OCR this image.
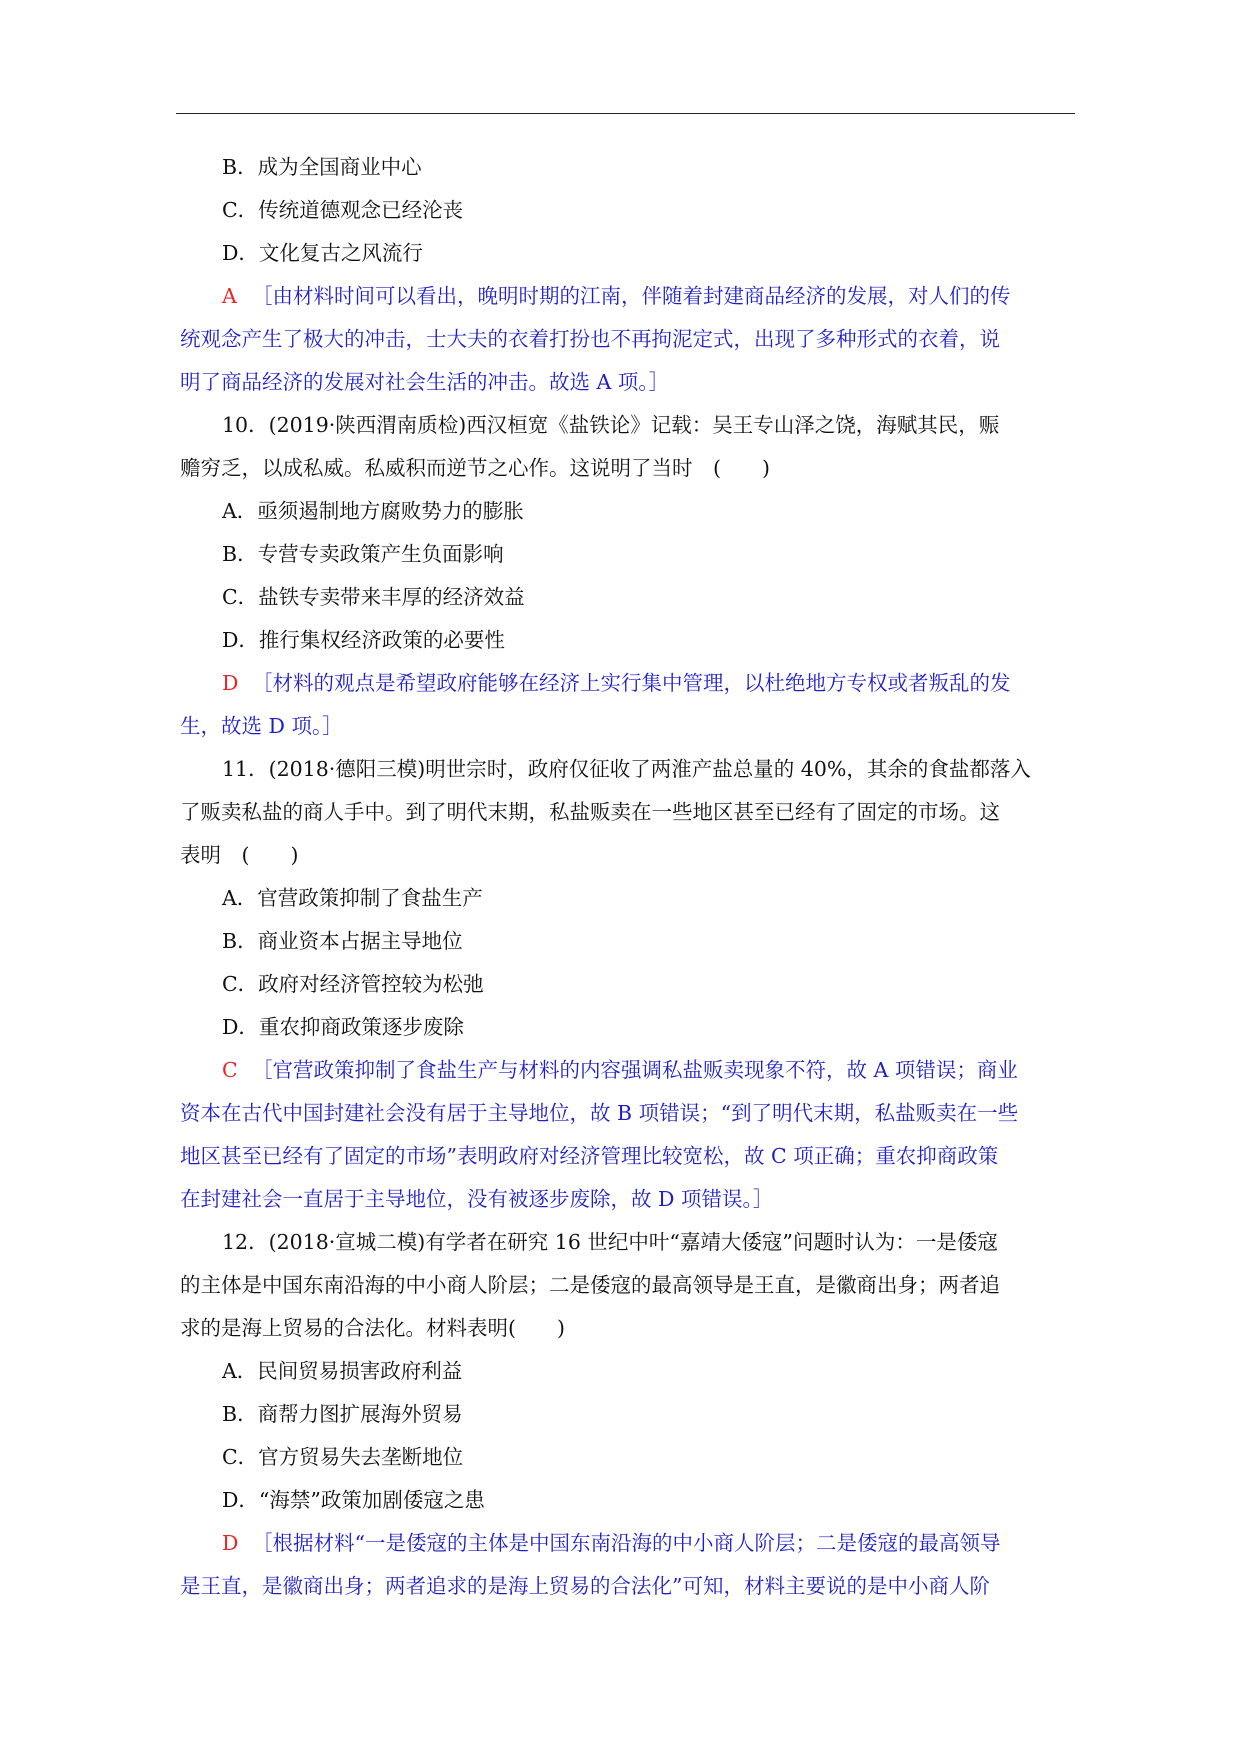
B．成为全国商业中心
C．传统道德观念已经沦丧
D．文化复古之风流行
A ［由材料时间可以看出，晚明时期的江南，伴随着封建商品经济的发展，对人们的传
统观念产生了极大的冲击，士大夫的衣着打扮也不再拘泥定式，出现了多种形式的衣着，说
明了商品经济的发展对社会生活的冲击。故选 A 项。］
10．(2019·陕西渭南质检)西汉桓宽《盐铁论》记载：吴王专山泽之饶，海赋其民，赈
赡穷乏，以成私威。私威积而逆节之心作。这说明了当时　(　　)
A．亟须遏制地方腐败势力的膨胀
B．专营专卖政策产生负面影响
C．盐铁专卖带来丰厚的经济效益
D．推行集权经济政策的必要性
D ［材料的观点是希望政府能够在经济上实行集中管理，以杜绝地方专权或者叛乱的发
生，故选 D 项。］
11．(2018·德阳三模)明世宗时，政府仅征收了两淮产盐总量的 40%，其余的食盐都落入
了贩卖私盐的商人手中。到了明代末期，私盐贩卖在一些地区甚至已经有了固定的市场。这
表明　(　　)
A．官营政策抑制了食盐生产
B．商业资本占据主导地位
C．政府对经济管控较为松弛
D．重农抑商政策逐步废除
C ［官营政策抑制了食盐生产与材料的内容强调私盐贩卖现象不符，故 A 项错误；商业
资本在古代中国封建社会没有居于主导地位，故 B 项错误；“到了明代末期，私盐贩卖在一些
地区甚至已经有了固定的市场”表明政府对经济管理比较宽松，故 C 项正确；重农抑商政策
在封建社会一直居于主导地位，没有被逐步废除，故 D 项错误。］
12．(2018·宣城二模)有学者在研究 16 世纪中叶“嘉靖大倭寇”问题时认为：一是倭寇
的主体是中国东南沿海的中小商人阶层；二是倭寇的最高领导是王直，是徽商出身；两者追
求的是海上贸易的合法化。材料表明(　　)
A．民间贸易损害政府利益
B．商帮力图扩展海外贸易
C．官方贸易失去垄断地位
D．“海禁”政策加剧倭寇之患
D ［根据材料“一是倭寇的主体是中国东南沿海的中小商人阶层；二是倭寇的最高领导
是王直，是徽商出身；两者追求的是海上贸易的合法化”可知，材料主要说的是中小商人阶
